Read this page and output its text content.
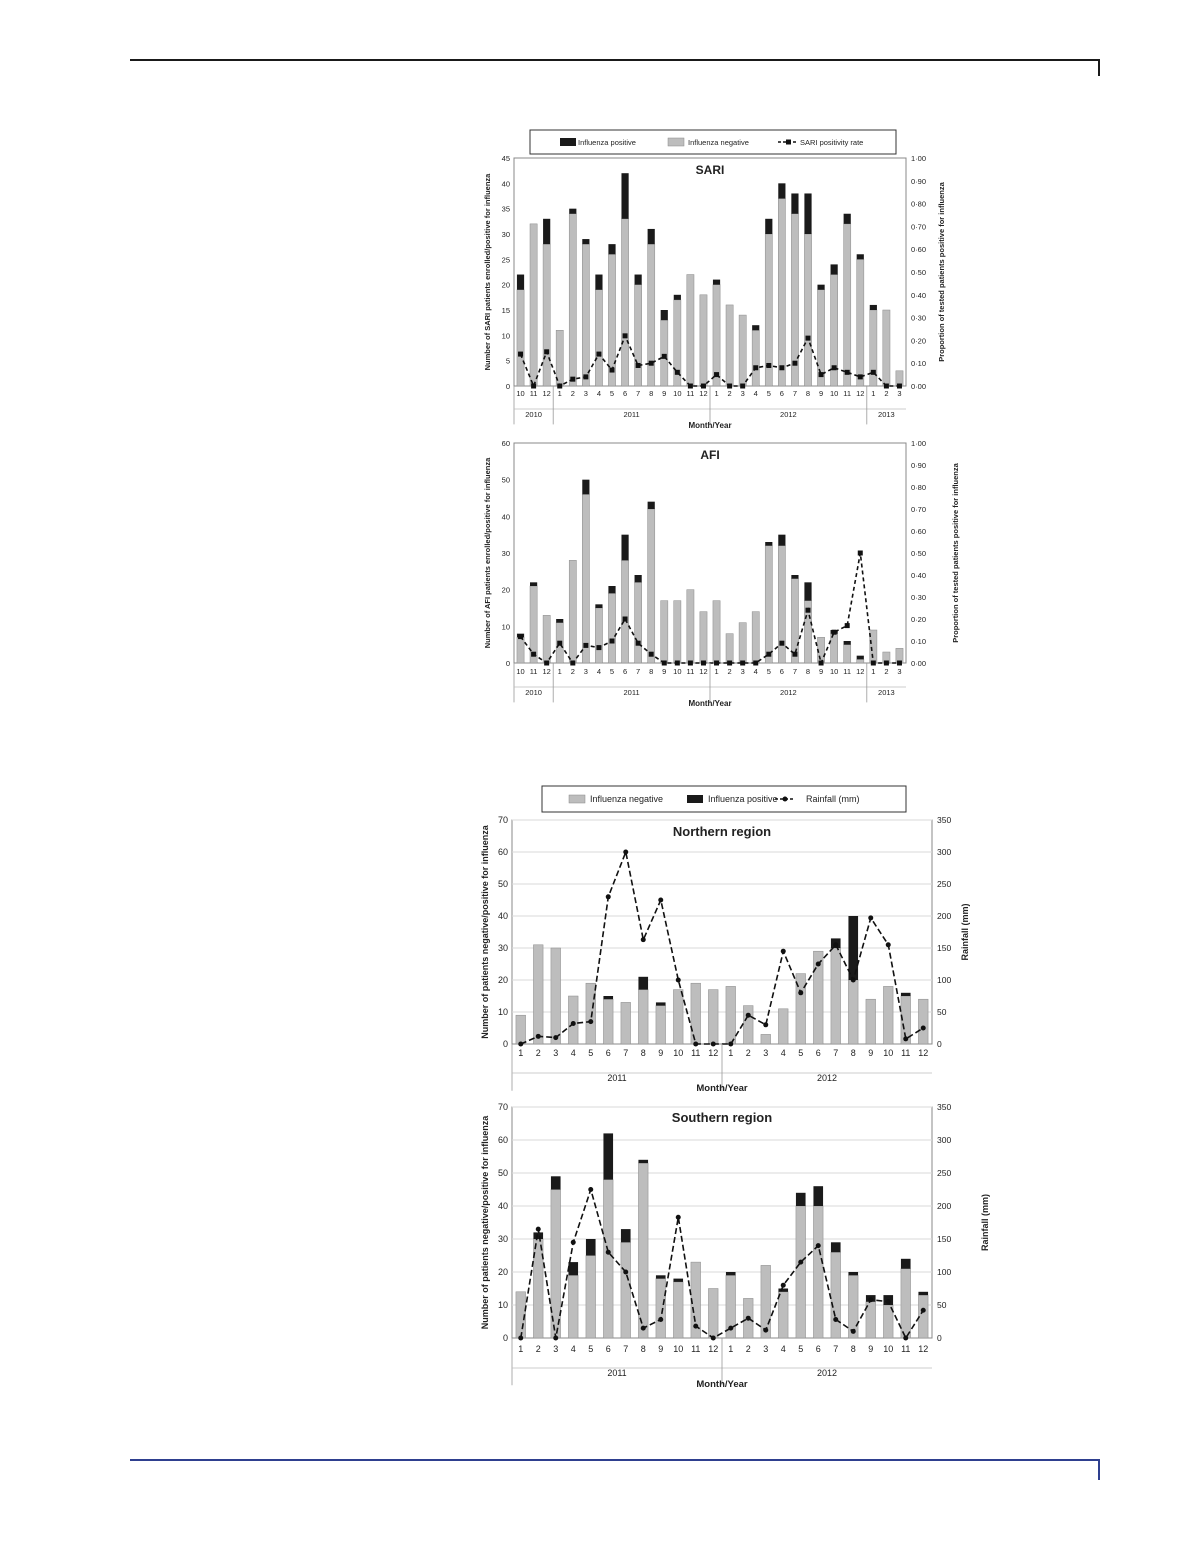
0
5
10
15
20
25
30
35
40
45
0·00
0·10
0·20
0·30
0·40
0·50
0·60
0·70
0·80
0·90
1·00
SARI
10 11 12 1 2 3 4 5 6 7 8 9 10 11 12 1 2 3 4 5 6 7 8 9 10 11 12 1 2 3
2010	2011	2012	2013
Month/Year
Number of SARI patients enrolled/positive for influenza	Proportion of tested patients positive for influenza
Influenza positive	Influenza negative	SARI positivity rate
0
10
20
30
40
50
60
0·00
0·10
0·20
0·30
0·40
0·50
0·60
0·70
0·80
0·90
1·00
AFI
10 11 12 1 2 3 4 5 6 7 8 9 10 11 12 1 2 3 4 5 6 7 8 9 10 11 12 1 2 3
2010	2011	2012	2013
Month/Year
Number of AFI patients enrolled/positive for influenza	Proportion of tested patients positive for influenza
0
10
20
30
40
50
60
70
0
50
100
150
200
250
300
350
Northern region
1 2 3 4 5 6 7 8 9 10 11 12 1 2 3 4 5 6 7 8 9 10 11 12
2011	2012
Month/Year
Number of patients negative/positive for influenza	Rainfall (mm)
Influenza negative	Influenza positive	Rainfall (mm)
0
10
20
30
40
50
60
70
0
50
100
150
200
250
300
350
Southern region
1 2 3 4 5 6 7 8 9 10 11 12 1 2 3 4 5 6 7 8 9 10 11 12
2011	2012
Month/Year
Number of patients negative/positive for influenza	Rainfall (mm)
